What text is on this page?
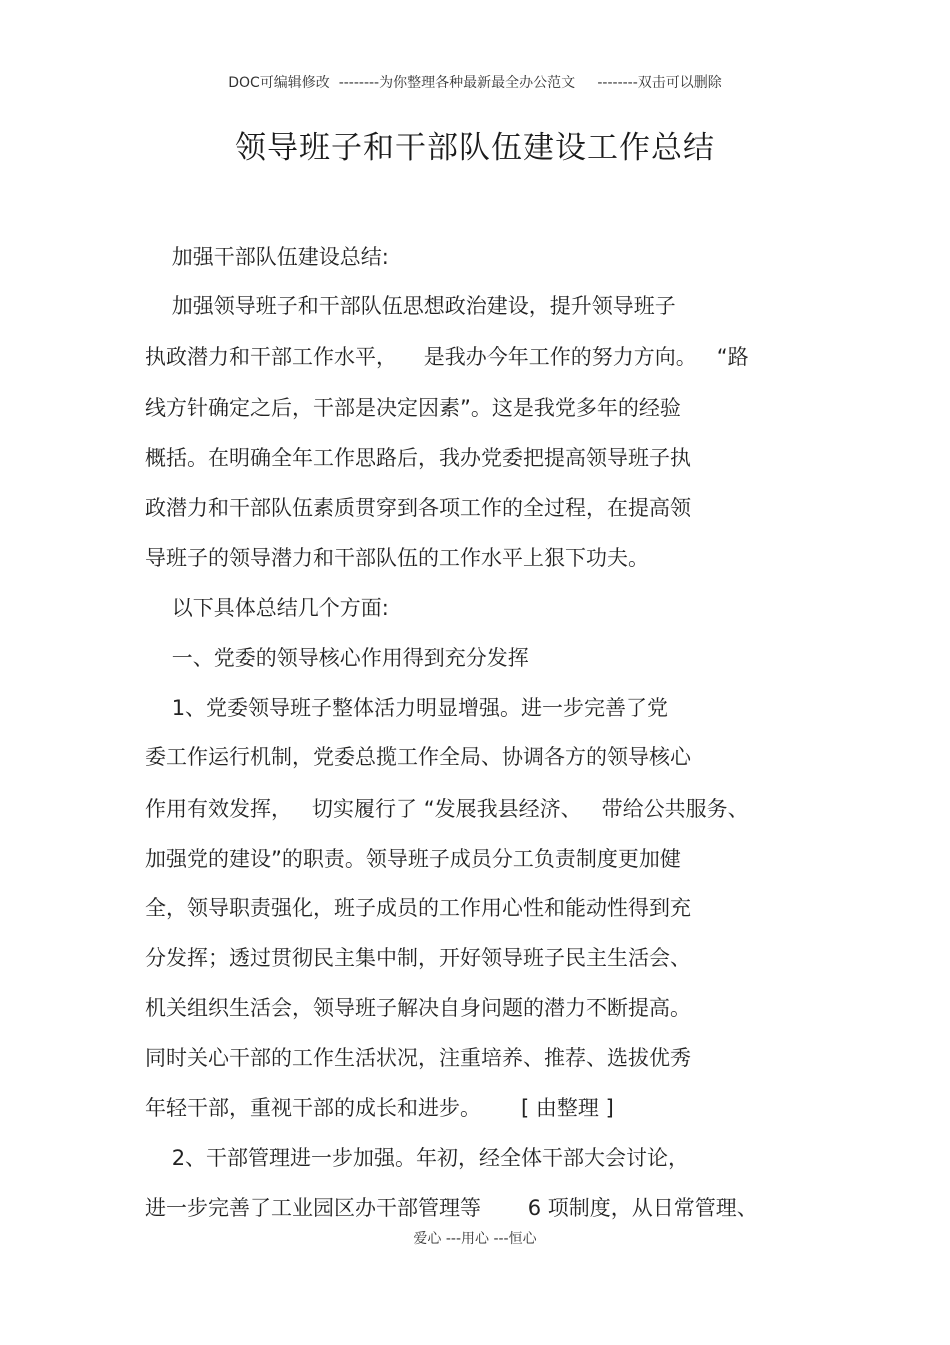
DOC可编辑修改  --------为你整理各种最新最全办公范文     --------双击可以删除
领导班子和干部队伍建设工作总结
加强干部队伍建设总结:
加强领导班子和干部队伍思想政治建设，提升领导班子
执政潜力和干部工作水平，    是我办今年工作的努力方向。   “路
线方针确定之后，干部是决定因素”。这是我党多年的经验
概括。在明确全年工作思路后，我办党委把提高领导班子执
政潜力和干部队伍素质贯穿到各项工作的全过程，在提高领
导班子的领导潜力和干部队伍的工作水平上狠下功夫。
以下具体总结几个方面:
一、党委的领导核心作用得到充分发挥
1、党委领导班子整体活力明显增强。进一步完善了党
委工作运行机制，党委总揽工作全局、协调各方的领导核心
作用有效发挥，   切实履行了 “发展我县经济、   带给公共服务、
加强党的建设”的职责。领导班子成员分工负责制度更加健
全，领导职责强化，班子成员的工作用心性和能动性得到充
分发挥；透过贯彻民主集中制，开好领导班子民主生活会、
机关组织生活会，领导班子解决自身问题的潜力不断提高。
同时关心干部的工作生活状况，注重培养、推荐、选拔优秀
年轻干部，重视干部的成长和进步。      [ 由整理 ]
2、干部管理进一步加强。年初，经全体干部大会讨论，
进一步完善了工业园区办干部管理等       6 项制度，从日常管理、
爱心 ---用心 ---恒心
